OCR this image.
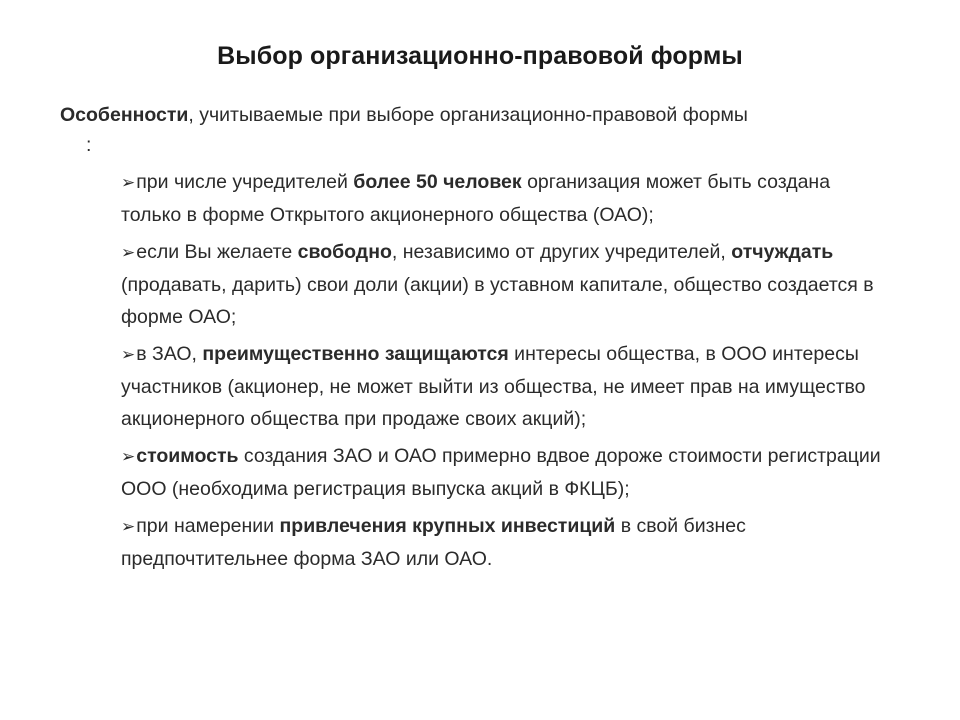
Выбор организационно-правовой формы
Особенности, учитываемые при выборе организационно-правовой формы
:
➢при числе учредителей более 50 человек организация может быть создана только в форме Открытого акционерного общества (ОАО);
➢если Вы желаете свободно, независимо от других учредителей, отчуждать (продавать, дарить) свои доли (акции) в уставном капитале, общество создается в форме ОАО;
➢в ЗАО, преимущественно защищаются интересы общества, в ООО интересы участников (акционер, не может выйти из общества, не имеет прав на имущество акционерного общества при продаже своих акций);
➢стоимость создания ЗАО и ОАО примерно вдвое дороже стоимости регистрации ООО (необходима регистрация выпуска акций в ФКЦБ);
➢при намерении привлечения крупных инвестиций в свой бизнес предпочтительнее форма ЗАО или ОАО.
